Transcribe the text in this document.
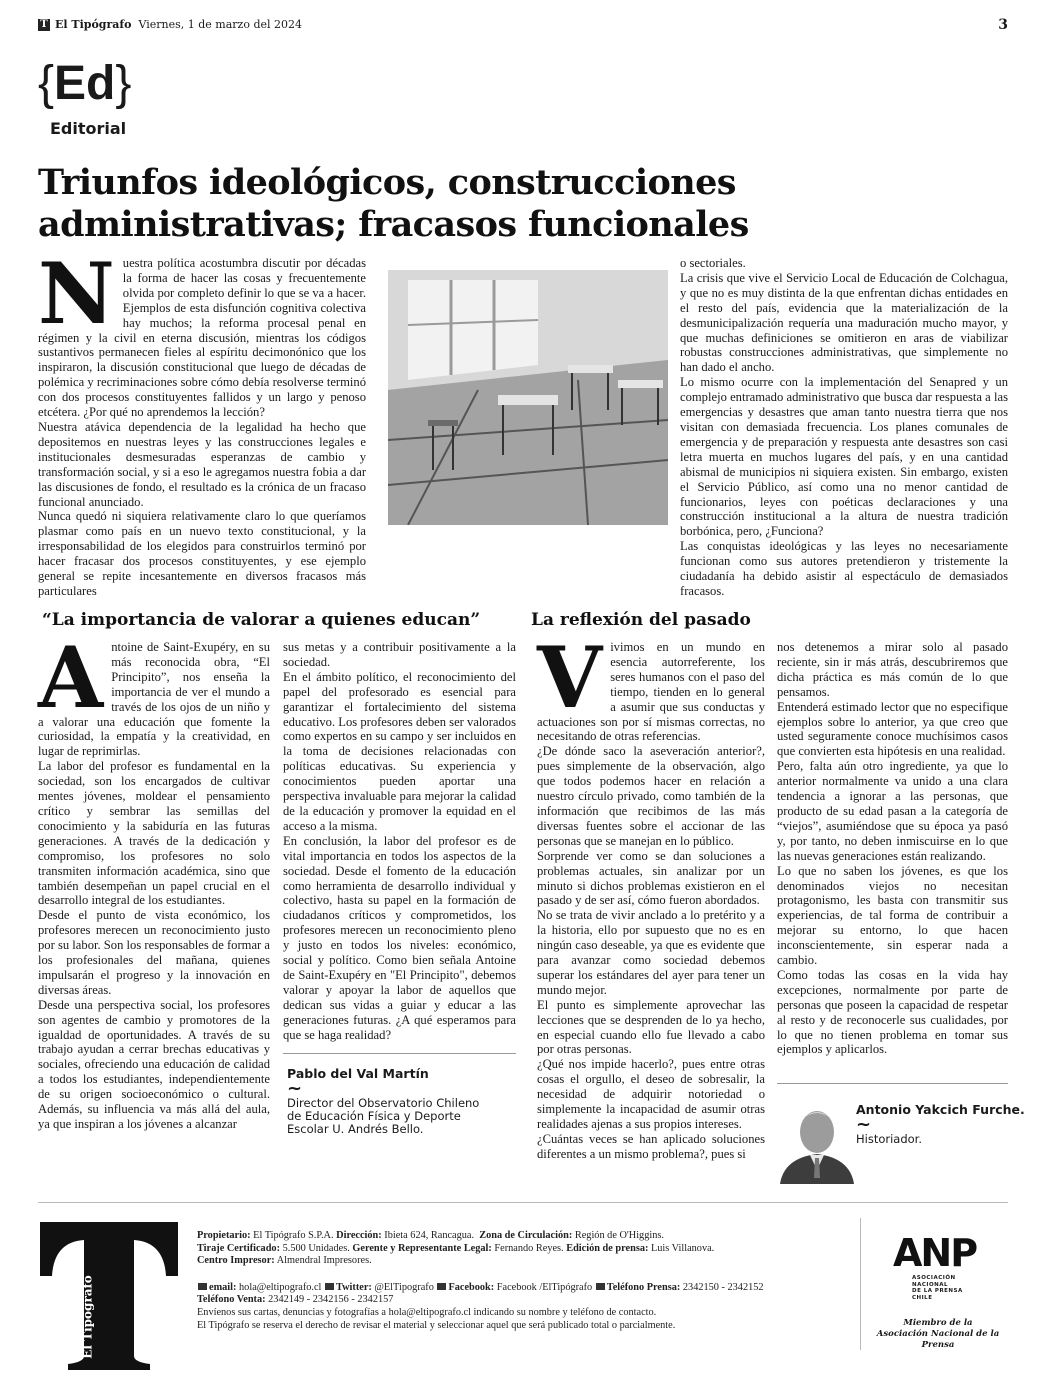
T El Tipógrafo Viernes, 1 de marzo del 2024	3
{Ed}
Editorial
Triunfos ideológicos, construcciones administrativas; fracasos funcionales
N uestra política acostumbra discutir por décadas la forma de hacer las cosas y frecuentemente olvida por completo definir lo que se va a hacer. Ejemplos de esta disfunción cognitiva colectiva hay muchos; la reforma procesal penal en régimen y la civil en eterna discusión, mientras los códigos sustantivos permanecen fieles al espíritu decimonónico que los inspiraron, la discusión constitucional que luego de décadas de polémica y recriminaciones sobre cómo debía resolverse terminó con dos procesos constituyentes fallidos y un largo y penoso etcétera. ¿Por qué no aprendemos la lección?

Nuestra atávica dependencia de la legalidad ha hecho que depositemos en nuestras leyes y las construcciones legales e institucionales desmesuradas esperanzas de cambio y transformación social, y si a eso le agregamos nuestra fobia a dar las discusiones de fondo, el resultado es la crónica de un fracaso funcional anunciado.

Nunca quedó ni siquiera relativamente claro lo que queríamos plasmar como país en un nuevo texto constitucional, y la irresponsabilidad de los elegidos para construirlos terminó por hacer fracasar dos procesos constituyentes, y ese ejemplo general se repite incesantemente en diversos fracasos más particulares

o sectoriales.

La crisis que vive el Servicio Local de Educación de Colchagua, y que no es muy distinta de la que enfrentan dichas entidades en el resto del país, evidencia que la materialización de la desmunicipalización requería una maduración mucho mayor, y que muchas definiciones se omitieron en aras de viabilizar robustas construcciones administrativas, que simplemente no han dado el ancho.

Lo mismo ocurre con la implementación del Senapred y un complejo entramado administrativo que busca dar respuesta a las emergencias y desastres que aman tanto nuestra tierra que nos visitan con demasiada frecuencia. Los planes comunales de emergencia y de preparación y respuesta ante desastres son casi letra muerta en muchos lugares del país, y en una cantidad abismal de municipios ni siquiera existen. Sin embargo, existen el Servicio Público, así como una no menor cantidad de funcionarios, leyes con poéticas declaraciones y una construcción institucional a la altura de nuestra tradición borbónica, pero, ¿Funciona?

Las conquistas ideológicas y las leyes no necesariamente funcionan como sus autores pretendieron y tristemente la ciudadanía ha debido asistir al espectáculo de demasiados fracasos.

“La importancia de valorar a quienes educan”
A ntoine de Saint-Exupéry, en su más reconocida obra, “El Principito”, nos enseña la importancia de ver el mundo a través de los ojos de un niño y a valorar una educación que fomente la curiosidad, la empatía y la creatividad, en lugar de reprimirlas.

La labor del profesor es fundamental en la sociedad, son los encargados de cultivar mentes jóvenes, moldear el pensamiento crítico y sembrar las semillas del conocimiento y la sabiduría en las futuras generaciones. A través de la dedicación y compromiso, los profesores no solo transmiten información académica, sino que también desempeñan un papel crucial en el desarrollo integral de los estudiantes.

Desde el punto de vista económico, los profesores merecen un reconocimiento justo por su labor. Son los responsables de formar a los profesionales del mañana, quienes impulsarán el progreso y la innovación en diversas áreas.

Desde una perspectiva social, los profesores son agentes de cambio y promotores de la igualdad de oportunidades. A través de su trabajo ayudan a cerrar brechas educativas y sociales, ofreciendo una educación de calidad a todos los estudiantes, independientemente de su origen socioeconómico o cultural. Además, su influencia va más allá del aula, ya que inspiran a los jóvenes a alcanzar

sus metas y a contribuir positivamente a la sociedad.

En el ámbito político, el reconocimiento del papel del profesorado es esencial para garantizar el fortalecimiento del sistema educativo. Los profesores deben ser valorados como expertos en su campo y ser incluidos en la toma de decisiones relacionadas con políticas educativas. Su experiencia y conocimientos pueden aportar una perspectiva invaluable para mejorar la calidad de la educación y promover la equidad en el acceso a la misma.

En conclusión, la labor del profesor es de vital importancia en todos los aspectos de la sociedad. Desde el fomento de la educación como herramienta de desarrollo individual y colectivo, hasta su papel en la formación de ciudadanos críticos y comprometidos, los profesores merecen un reconocimiento pleno y justo en todos los niveles: económico, social y político. Como bien señala Antoine de Saint-Exupéry en "El Principito", debemos valorar y apoyar la labor de aquellos que dedican sus vidas a guiar y educar a las generaciones futuras. ¿A qué esperamos para que se haga realidad?

Pablo del Val Martín
~
Director del Observatorio Chileno de Educación Física y Deporte Escolar U. Andrés Bello.
La reflexión del pasado
V ivimos en un mundo en esencia autorreferente, los seres humanos con el paso del tiempo, tienden en lo general a asumir que sus conductas y actuaciones son por sí mismas correctas, no necesitando de otras referencias.

¿De dónde saco la aseveración anterior?, pues simplemente de la observación, algo que todos podemos hacer en relación a nuestro círculo privado, como también de la información que recibimos de las más diversas fuentes sobre el accionar de las personas que se manejan en lo público.

Sorprende ver como se dan soluciones a problemas actuales, sin analizar por un minuto si dichos problemas existieron en el pasado y de ser así, cómo fueron abordados.

No se trata de vivir anclado a lo pretérito y a la historia, ello por supuesto que no es en ningún caso deseable, ya que es evidente que para avanzar como sociedad debemos superar los estándares del ayer para tener un mundo mejor.

El punto es simplemente aprovechar las lecciones que se desprenden de lo ya hecho, en especial cuando ello fue llevado a cabo por otras personas.

¿Qué nos impide hacerlo?, pues entre otras cosas el orgullo, el deseo de sobresalir, la necesidad de adquirir notoriedad o simplemente la incapacidad de asumir otras realidades ajenas a sus propios intereses.

¿Cuántas veces se han aplicado soluciones diferentes a un mismo problema?, pues si

nos detenemos a mirar solo al pasado reciente, sin ir más atrás, descubriremos que dicha práctica es más común de lo que pensamos.

Entenderá estimado lector que no especifique ejemplos sobre lo anterior, ya que creo que usted seguramente conoce muchísimos casos que convierten esta hipótesis en una realidad.

Pero, falta aún otro ingrediente, ya que lo anterior normalmente va unido a una clara tendencia a ignorar a las personas, que producto de su edad pasan a la categoría de “viejos”, asumiéndose que su época ya pasó y, por tanto, no deben inmiscuirse en lo que las nuevas generaciones están realizando.

Lo que no saben los jóvenes, es que los denominados viejos no necesitan protagonismo, les basta con transmitir sus experiencias, de tal forma de contribuir a mejorar su entorno, lo que hacen inconscientemente, sin esperar nada a cambio.

Como todas las cosas en la vida hay excepciones, normalmente por parte de personas que poseen la capacidad de respetar al resto y de reconocerle sus cualidades, por lo que no tienen problema en tomar sus ejemplos y aplicarlos.

Antonio Yakcich Furche.
~
Historiador.
El Tipógrafo
Propietario: El Tipógrafo S.P.A. Dirección: Ibieta 624, Rancagua. Zona de Circulación: Región de O'Higgins.
Tiraje Certificado: 5.500 Unidades. Gerente y Representante Legal: Fernando Reyes. Edición de prensa: Luis Villanova.
Centro Impresor: Almendral Impresores.
email: hola@eltipografo.cl Twitter: @ElTipografo Facebook: Facebook /ElTipógrafo Teléfono Prensa: 2342150 - 2342152
Teléfono Venta: 2342149 - 2342156 - 2342157
Envíenos sus cartas, denuncias y fotografías a hola@eltipografo.cl indicando su nombre y teléfono de contacto.
El Tipógrafo se reserva el derecho de revisar el material y seleccionar aquel que será publicado total o parcialmente.
ANP
ASOCIACIÓN
NACIONAL
DE LA PRENSA
CHILE
Miembro de la
Asociación Nacional de la Prensa
